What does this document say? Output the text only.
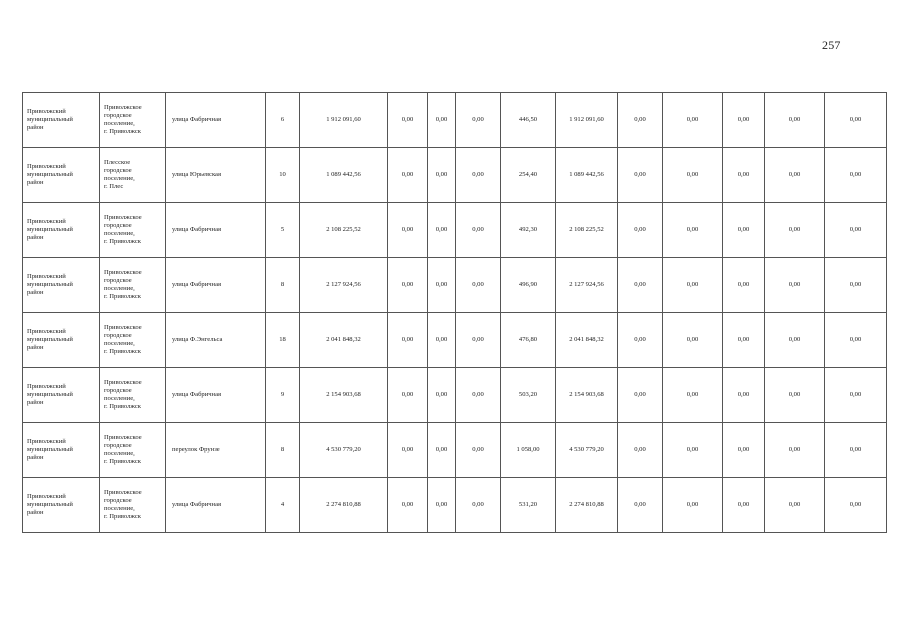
257
Приволжский
муниципальный
район	Приволжское
городское
поселение,
г. Приволжск	улица Фабричная	6	1 912 091,60	0,00	0,00	0,00	446,50	1 912 091,60	0,00	0,00	0,00	0,00	0,00
Приволжский
муниципальный
район	Плесское
городское
поселение,
г. Плес	улица Юрьевская	10	1 089 442,56	0,00	0,00	0,00	254,40	1 089 442,56	0,00	0,00	0,00	0,00	0,00
Приволжский
муниципальный
район	Приволжское
городское
поселение,
г. Приволжск	улица Фабричная	5	2 108 225,52	0,00	0,00	0,00	492,30	2 108 225,52	0,00	0,00	0,00	0,00	0,00
Приволжский
муниципальный
район	Приволжское
городское
поселение,
г. Приволжск	улица Фабричная	8	2 127 924,56	0,00	0,00	0,00	496,90	2 127 924,56	0,00	0,00	0,00	0,00	0,00
Приволжский
муниципальный
район	Приволжское
городское
поселение,
г. Приволжск	улица Ф.Энгельса	18	2 041 848,32	0,00	0,00	0,00	476,80	2 041 848,32	0,00	0,00	0,00	0,00	0,00
Приволжский
муниципальный
район	Приволжское
городское
поселение,
г. Приволжск	улица Фабричная	9	2 154 903,68	0,00	0,00	0,00	503,20	2 154 903,68	0,00	0,00	0,00	0,00	0,00
Приволжский
муниципальный
район	Приволжское
городское
поселение,
г. Приволжск	переулок Фрунзе	8	4 530 779,20	0,00	0,00	0,00	1 058,00	4 530 779,20	0,00	0,00	0,00	0,00	0,00
Приволжский
муниципальный
район	Приволжское
городское
поселение,
г. Приволжск	улица Фабричная	4	2 274 810,88	0,00	0,00	0,00	531,20	2 274 810,88	0,00	0,00	0,00	0,00	0,00
